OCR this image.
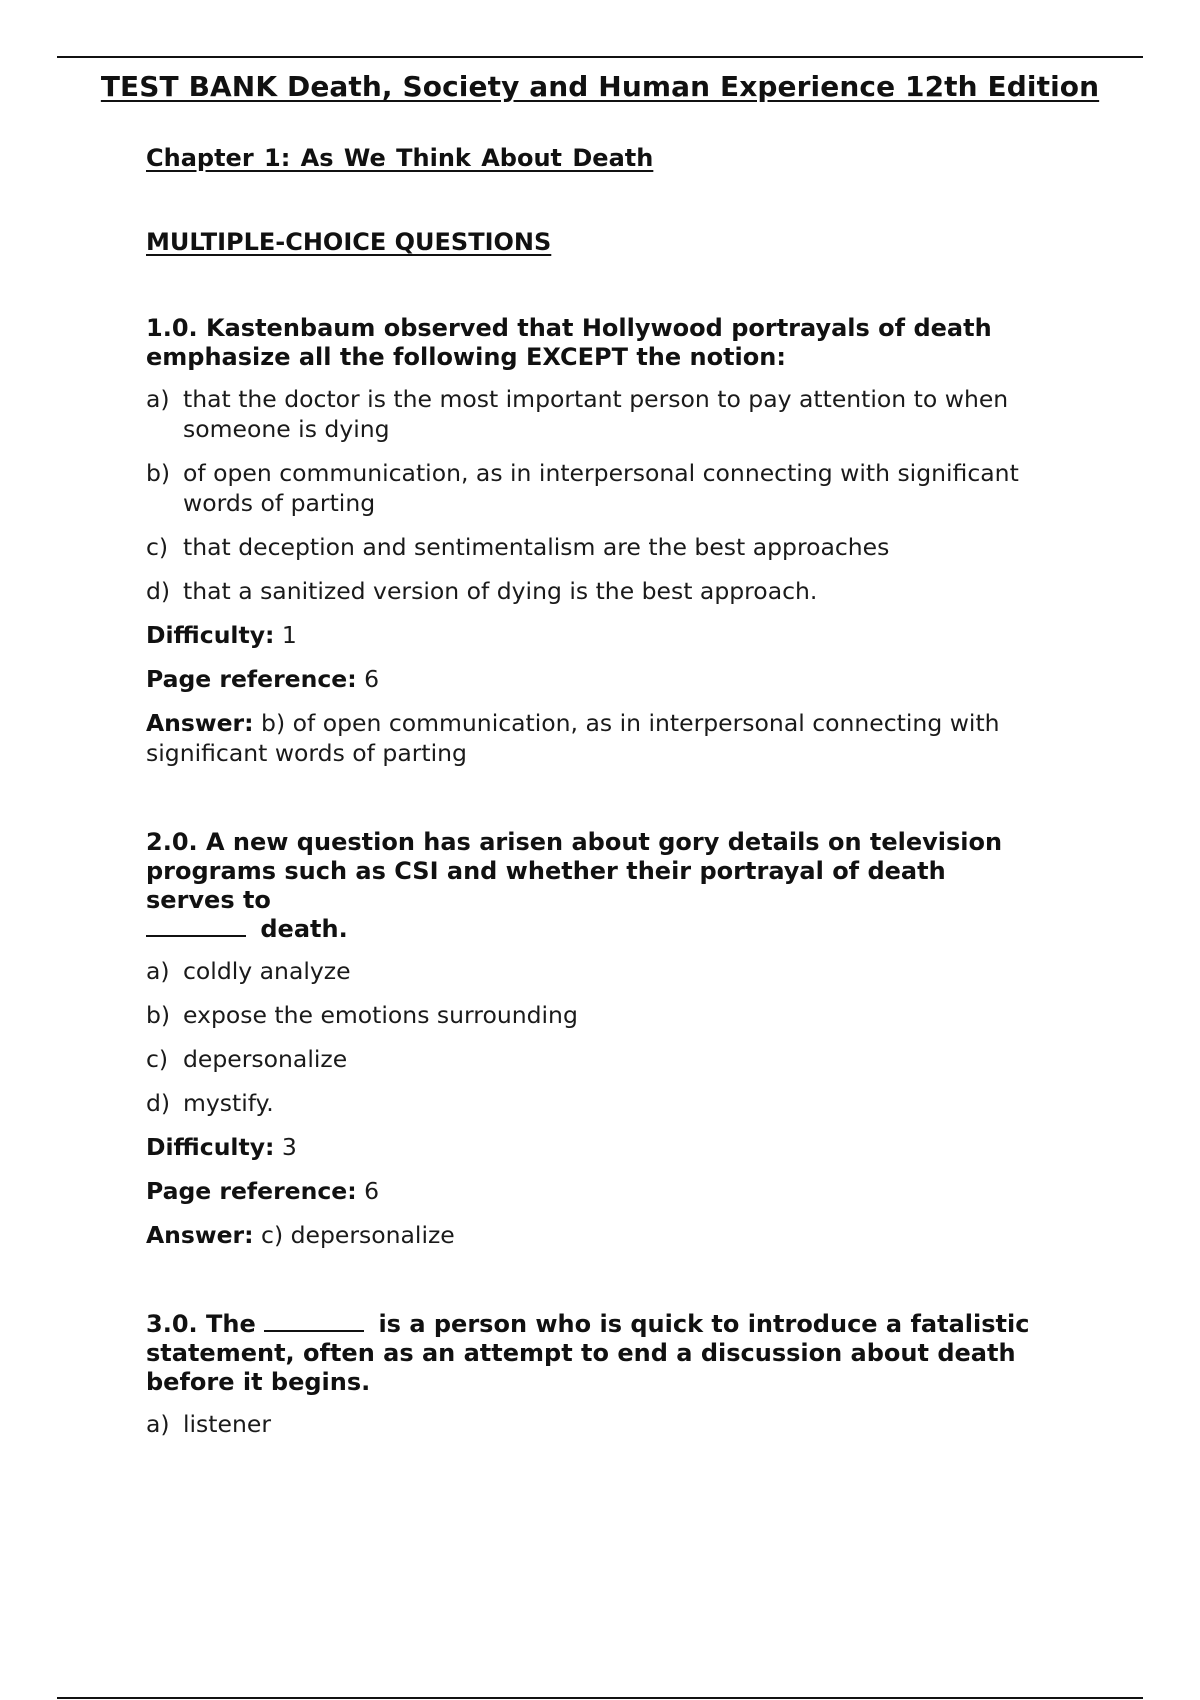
TEST BANK Death, Society and Human Experience 12th Edition
Chapter 1: As We Think About Death
MULTIPLE-CHOICE QUESTIONS
1.0. Kastenbaum observed that Hollywood portrayals of death emphasize all the following EXCEPT the notion:
a) that the doctor is the most important person to pay attention to when someone is dying
b) of open communication, as in interpersonal connecting with significant words of parting
c) that deception and sentimentalism are the best approaches
d) that a sanitized version of dying is the best approach.
Difficulty: 1
Page reference: 6
Answer: b) of open communication, as in interpersonal connecting with significant words of parting
2.0. A new question has arisen about gory details on television programs such as CSI and whether their portrayal of death serves to
death.
a) coldly analyze
b) expose the emotions surrounding
c) depersonalize
d) mystify.
Difficulty: 3
Page reference: 6
Answer: c) depersonalize
3.0. The	is a person who is quick to introduce a fatalistic statement, often as an attempt to end a discussion about death before it begins.
a) listener
